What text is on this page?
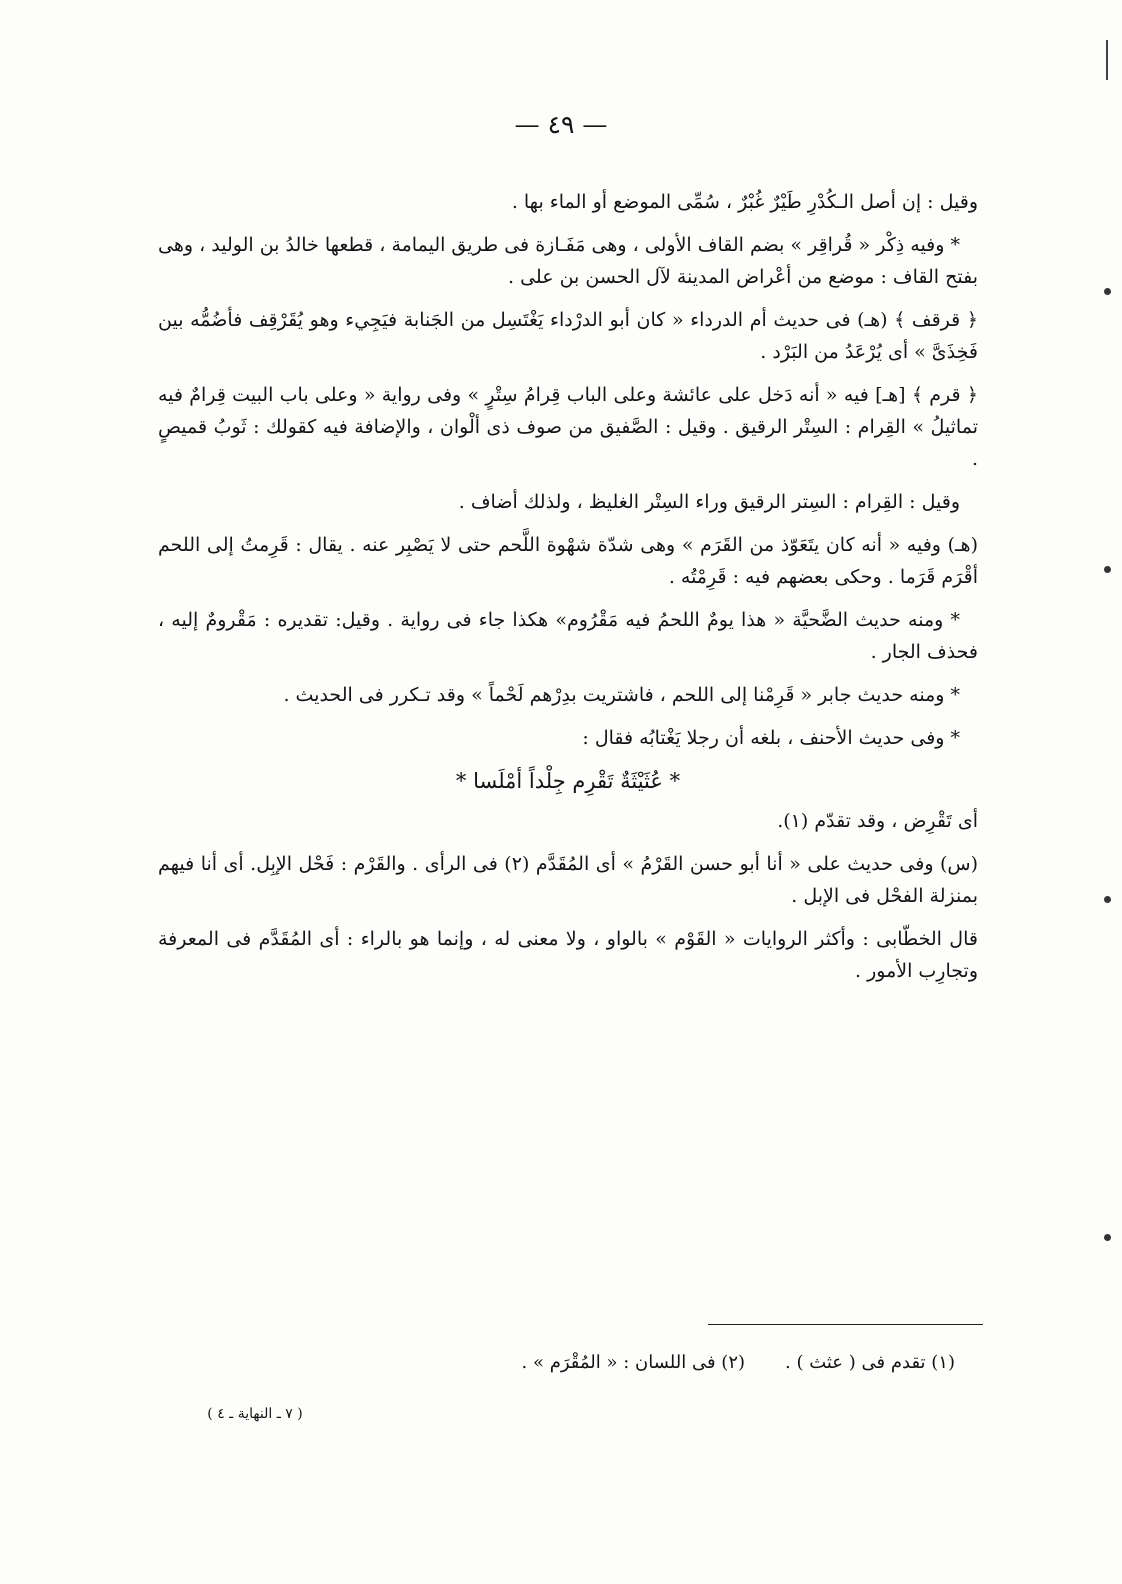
— ٤٩ —

وقيل : إن أصل الـكُدْرِ طَيْرٌ غُبْرٌ ، سُمِّى الموضع أو الماء بها .

* وفيه ذِكْر « قُراقِر » بضم القاف الأولى ، وهى مَفَـازة فى طريق اليمامة ، قطعها خالدُ بن الوليد ، وهى بفتح القاف : موضع من أعْراض المدينة لآل الحسن بن على .

﴿ قرقف ﴾ (هـ) فى حديث أم الدرداء « كان أبو الدرْداء يَغْتَسِل من الجَنابة فيَجِيء وهو يُقَرْقِف فأضُمُّه بين فَخِذَىَّ » أى يُرْعَدُ من البَرْد .

﴿ قرم ﴾ [هـ] فيه « أنه دَخل على عائشة وعلى الباب قِرامُ سِتْرٍ » وفى رواية « وعلى باب البيت قِرامٌ فيه تماثيلُ » القِرام : السِتْر الرقيق . وقيل : الصَّفيق من صوف ذى ألْوان ، والإضافة فيه كقولك : ثَوبُ قميصٍ .

وقيل : القِرام : السِتر الرقيق وراء السِتْر الغليظ ، ولذلك أضاف .

(هـ) وفيه « أنه كان يتَعَوّذ من القَرَم » وهى شدّة شهْوة اللَّحم حتى لا يَصْبِر عنه . يقال : قَرِمتُ إلى اللحم أقْرَم قَرَما . وحكى بعضهم فيه : قَرِمْتُه .

* ومنه حديث الضَّحيَّة « هذا يومٌ اللحمُ فيه مَقْرُوم» هكذا جاء فى رواية . وقيل: تقديره : مَقْرومٌ إليه ، فحذف الجار .

* ومنه حديث جابر « قَرِمْنا إلى اللحم ، فاشتريت بدِرْهم لَحْماً » وقد تـكرر فى الحديث .

* وفى حديث الأحنف ، بلغه أن رجلا يَغْتابُه فقال :

* عُثَيْثَةٌ تَقْرِم جِلْداً أمْلَسا *

أى تَقْرِض ، وقد تقدّم (١).

(س) وفى حديث على « أنا أبو حسن القَرْمُ » أى المُقَدَّم (٢) فى الرأى . والقَرْم : فَحْل الإبِل. أى أنا فيهم بمنزلة الفحْل فى الإبل .

قال الخطّابى : وأكثر الروايات « القَوْم » بالواو ، ولا معنى له ، وإنما هو بالراء : أى المُقَدَّم فى المعرفة وتجارِب الأمور .

(١) تقدم فى ( عثث ) .
(٢) فى اللسان : « المُقْرَم » .
( ٧ ـ النهاية ـ ٤ )
